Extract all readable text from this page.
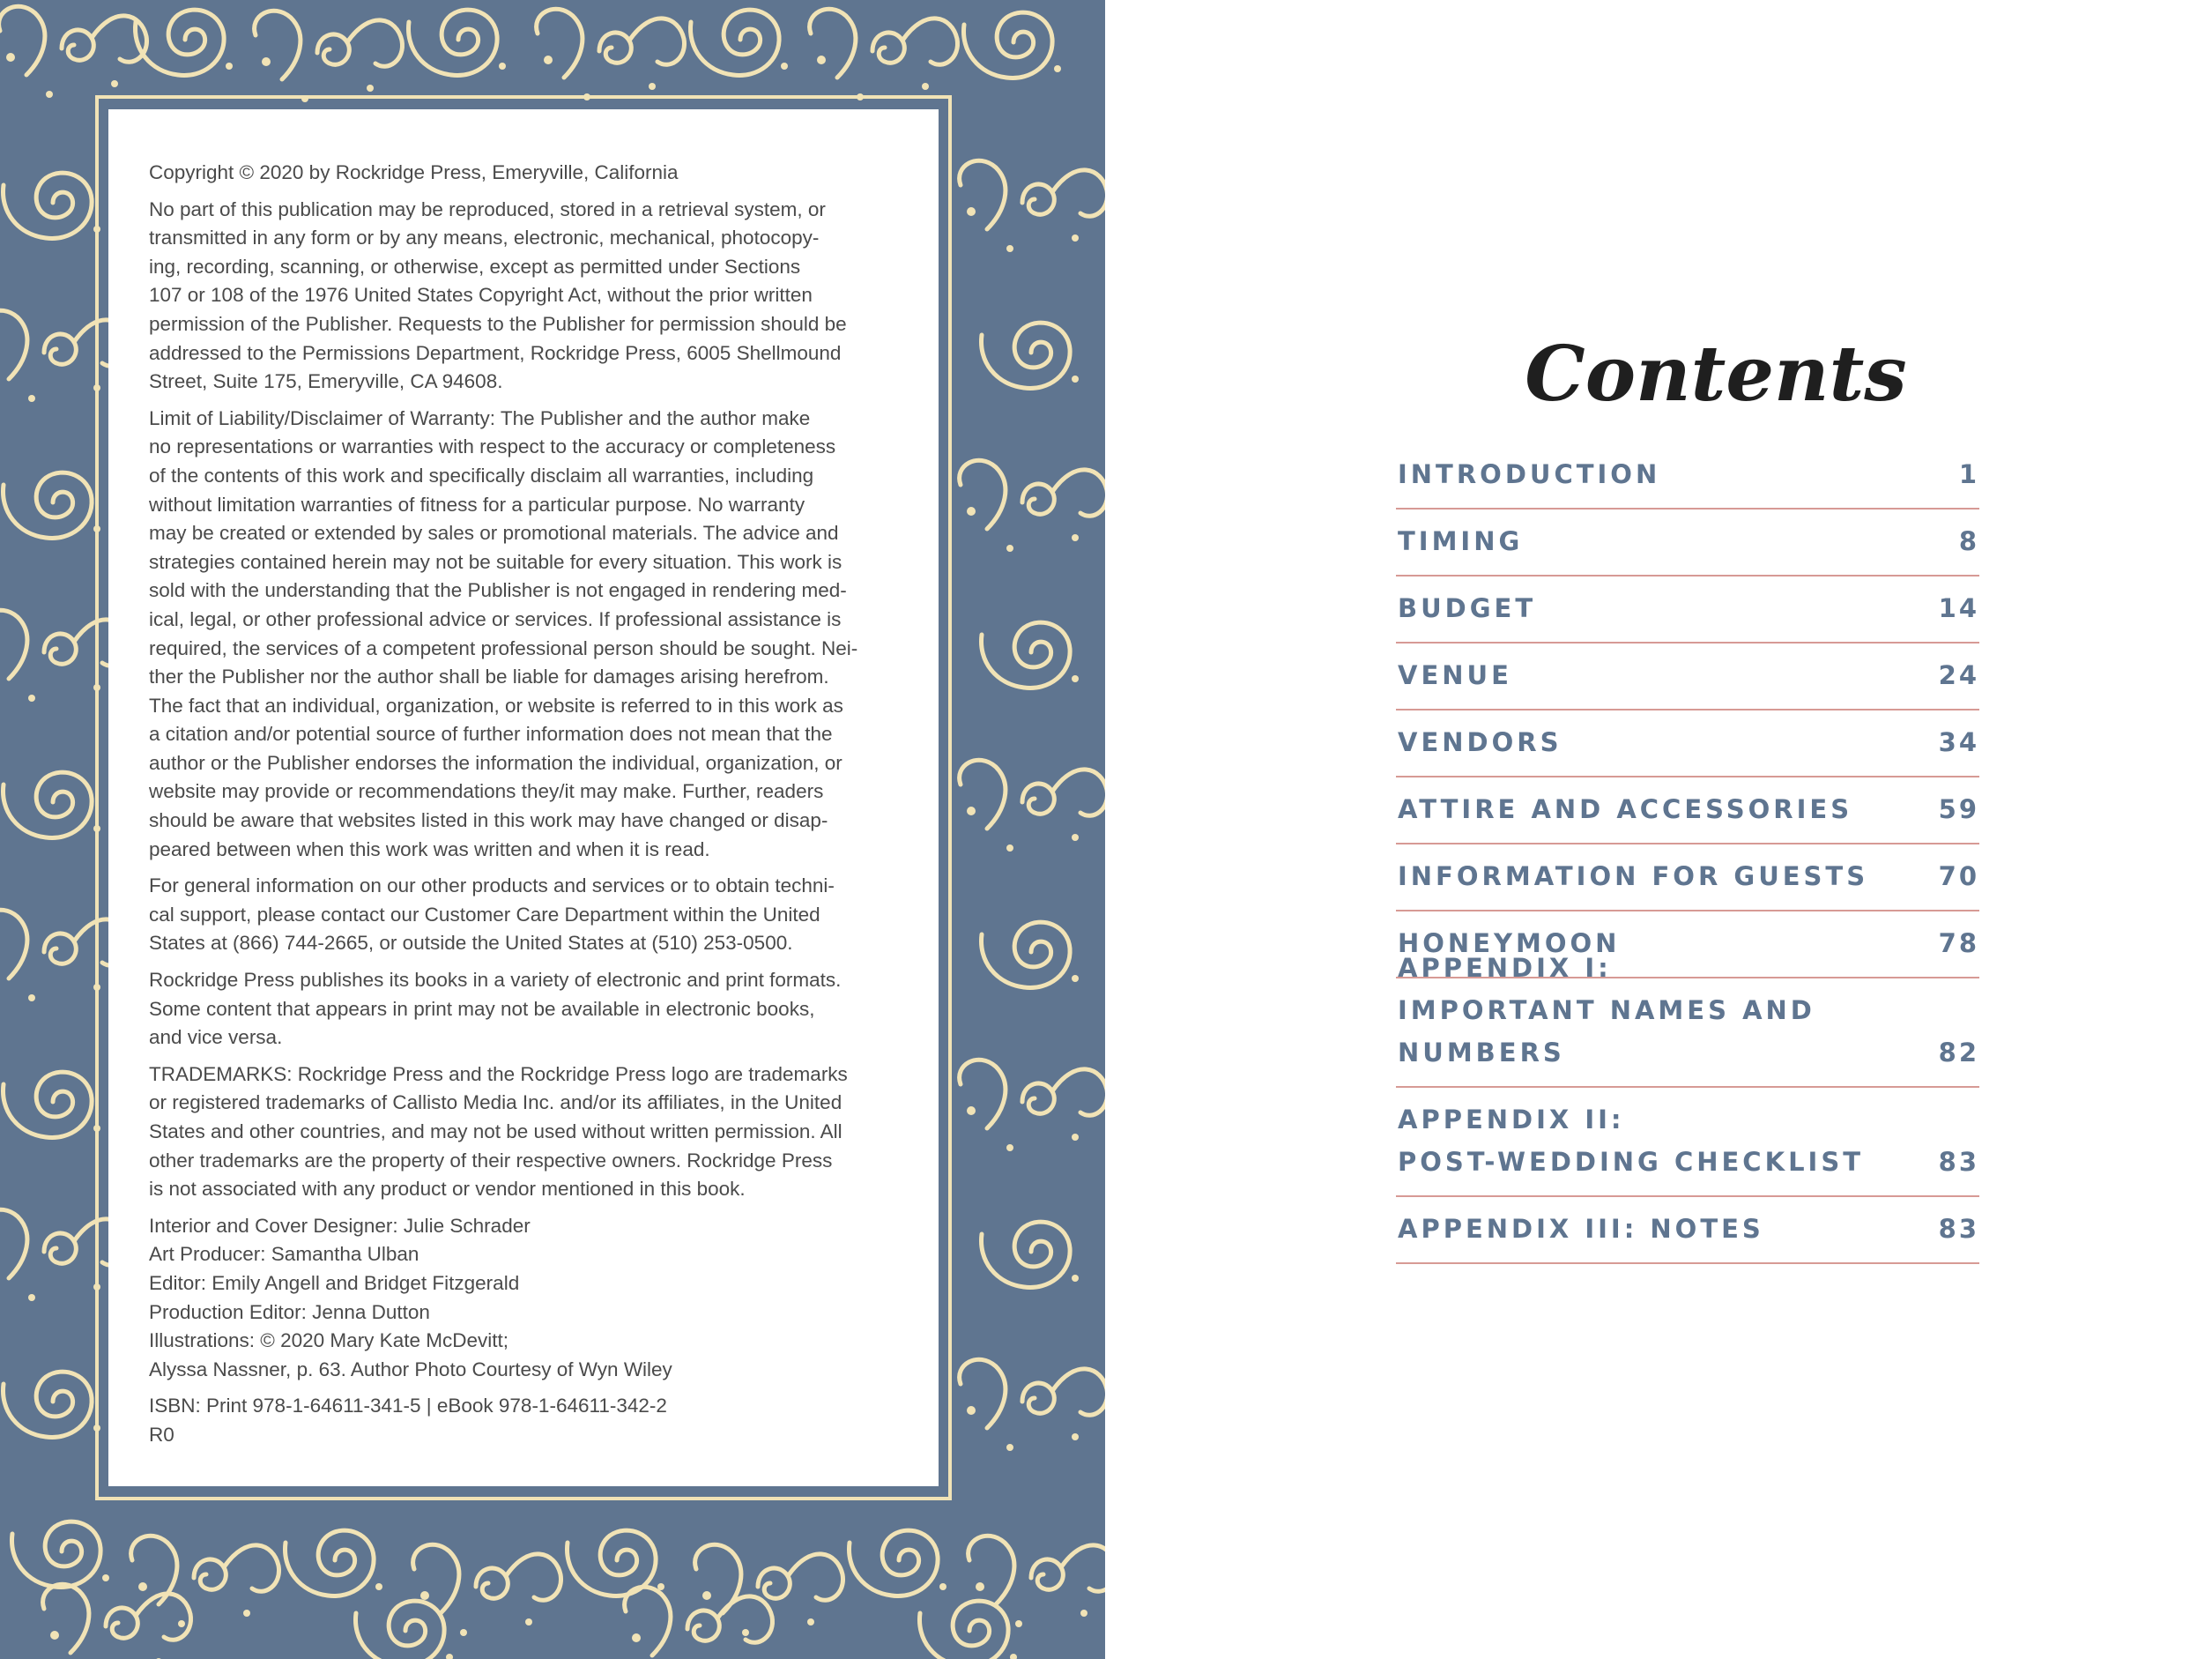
Copyright © 2020 by Rockridge Press, Emeryville, California

No part of this publication may be reproduced, stored in a retrieval system, or
transmitted in any form or by any means, electronic, mechanical, photocopy-
ing, recording, scanning, or otherwise, except as permitted under Sections
107 or 108 of the 1976 United States Copyright Act, without the prior written
permission of the Publisher. Requests to the Publisher for permission should be
addressed to the Permissions Department, Rockridge Press, 6005 Shellmound
Street, Suite 175, Emeryville, CA 94608.

Limit of Liability/Disclaimer of Warranty: The Publisher and the author make
no representations or warranties with respect to the accuracy or completeness
of the contents of this work and specifically disclaim all warranties, including
without limitation warranties of fitness for a particular purpose. No warranty
may be created or extended by sales or promotional materials. The advice and
strategies contained herein may not be suitable for every situation. This work is
sold with the understanding that the Publisher is not engaged in rendering med-
ical, legal, or other professional advice or services. If professional assistance is
required, the services of a competent professional person should be sought. Nei-
ther the Publisher nor the author shall be liable for damages arising herefrom.
The fact that an individual, organization, or website is referred to in this work as
a citation and/or potential source of further information does not mean that the
author or the Publisher endorses the information the individual, organization, or
website may provide or recommendations they/it may make. Further, readers
should be aware that websites listed in this work may have changed or disap-
peared between when this work was written and when it is read.

For general information on our other products and services or to obtain techni-
cal support, please contact our Customer Care Department within the United
States at (866) 744-2665, or outside the United States at (510) 253-0500.

Rockridge Press publishes its books in a variety of electronic and print formats.
Some content that appears in print may not be available in electronic books,
and vice versa.

TRADEMARKS: Rockridge Press and the Rockridge Press logo are trademarks
or registered trademarks of Callisto Media Inc. and/or its affiliates, in the United
States and other countries, and may not be used without written permission. All
other trademarks are the property of their respective owners. Rockridge Press
is not associated with any product or vendor mentioned in this book.

Interior and Cover Designer: Julie Schrader
Art Producer: Samantha Ulban
Editor: Emily Angell and Bridget Fitzgerald
Production Editor: Jenna Dutton
Illustrations: © 2020 Mary Kate McDevitt;
Alyssa Nassner, p. 63. Author Photo Courtesy of Wyn Wiley

ISBN: Print 978-1-64611-341-5 | eBook 978-1-64611-342-2
R0

Contents
INTRODUCTION	1
TIMING	8
BUDGET	14
VENUE	24
VENDORS	34
ATTIRE AND ACCESSORIES	59
INFORMATION FOR GUESTS	70
HONEYMOON	78
APPENDIX I:
IMPORTANT NAMES AND NUMBERS	82
APPENDIX II:
POST-WEDDING CHECKLIST	83
APPENDIX III: NOTES	83
